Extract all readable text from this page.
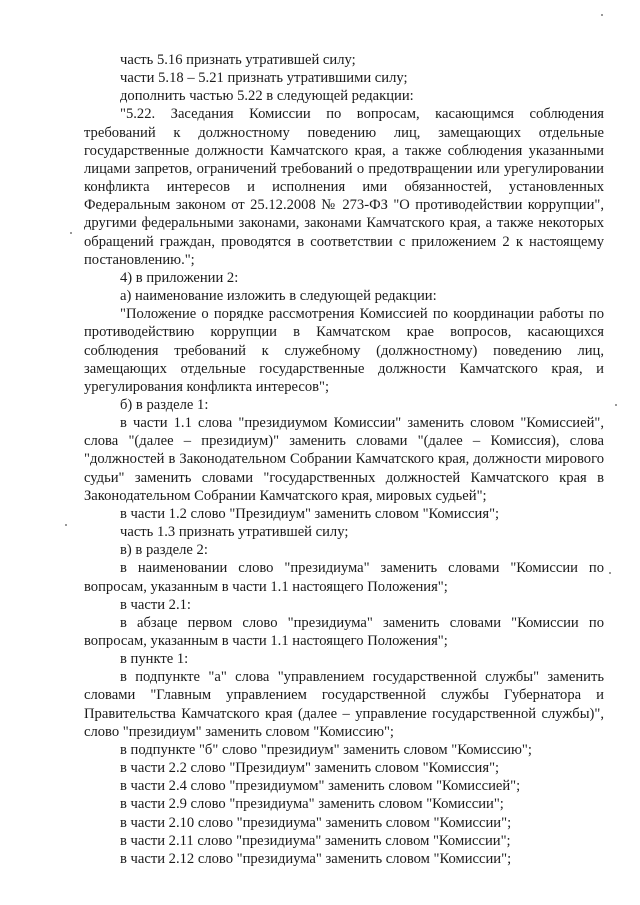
часть 5.16 признать утратившей силу;

части 5.18 – 5.21 признать утратившими силу;

дополнить частью 5.22 в следующей редакции:

"5.22. Заседания Комиссии по вопросам, касающимся соблюдения требований к должностному поведению лиц, замещающих отдельные государственные должности Камчатского края, а также соблюдения указанными лицами запретов, ограничений требований о предотвращении или урегулировании конфликта интересов и исполнения ими обязанностей, установленных Федеральным законом от 25.12.2008 № 273-ФЗ "О противодействии коррупции", другими федеральными законами, законами Камчатского края, а также некоторых обращений граждан, проводятся в соответствии с приложением 2 к настоящему постановлению.";

4) в приложении 2:

а) наименование изложить в следующей редакции:

"Положение о порядке рассмотрения Комиссией по координации работы по противодействию коррупции в Камчатском крае вопросов, касающихся соблюдения требований к служебному (должностному) поведению лиц, замещающих отдельные государственные должности Камчатского края, и урегулирования конфликта интересов";

б) в разделе 1:

в части 1.1 слова "президиумом Комиссии" заменить словом "Комиссией", слова "(далее – президиум)" заменить словами "(далее – Комиссия), слова "должностей в Законодательном Собрании Камчатского края, должности мирового судьи" заменить словами "государственных должностей Камчатского края в Законодательном Собрании Камчатского края, мировых судьей";

в части 1.2 слово "Президиум" заменить словом "Комиссия";

часть 1.3 признать утратившей силу;

в) в разделе 2:

в наименовании слово "президиума" заменить словами "Комиссии по вопросам, указанным в части 1.1 настоящего Положения";

в части 2.1:

в абзаце первом слово "президиума" заменить словами "Комиссии по вопросам, указанным в части 1.1 настоящего Положения";

в пункте 1:

в подпункте "а" слова "управлением государственной службы" заменить словами "Главным управлением государственной службы Губернатора и Правительства Камчатского края (далее – управление государственной службы)", слово "президиум" заменить словом "Комиссию";

в подпункте "б" слово "президиум" заменить словом "Комиссию";

в части 2.2 слово "Президиум" заменить словом "Комиссия";

в части 2.4 слово "президиумом" заменить словом "Комиссией";

в части 2.9 слово "президиума" заменить словом "Комиссии";

в части 2.10 слово "президиума" заменить словом "Комиссии";

в части 2.11 слово "президиума" заменить словом "Комиссии";

в части 2.12 слово "президиума" заменить словом "Комиссии";
